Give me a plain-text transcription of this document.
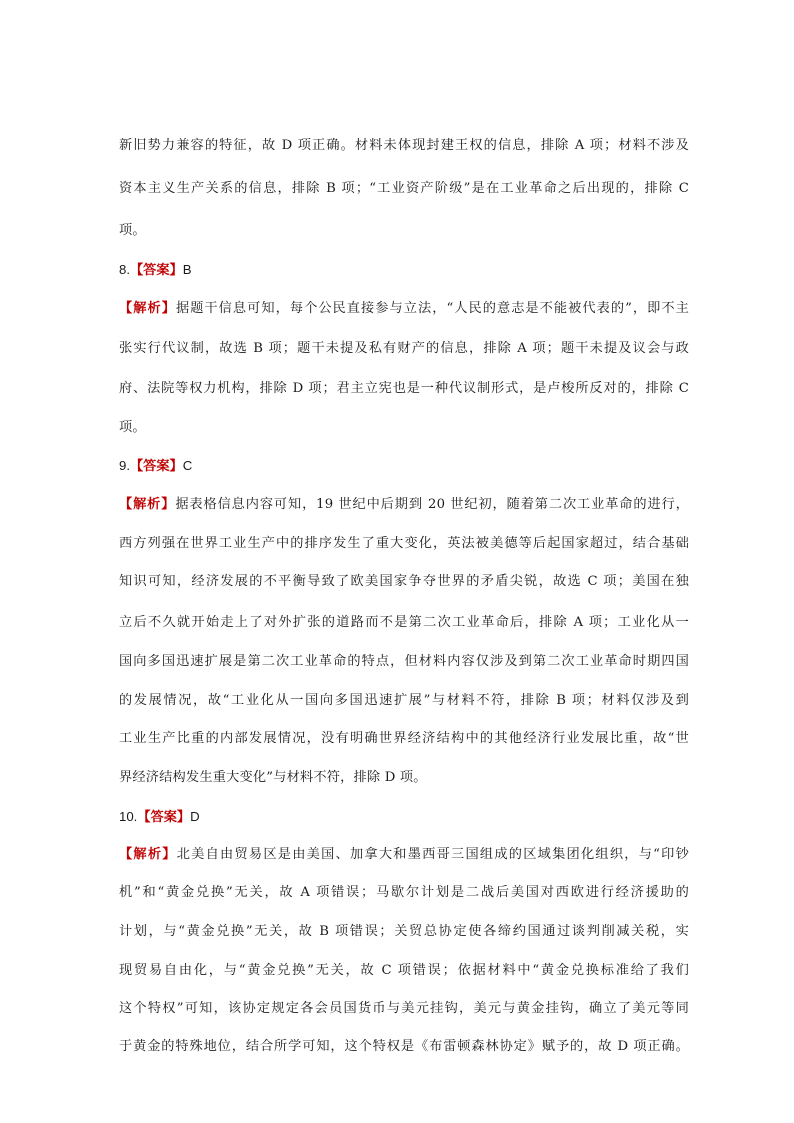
新旧势力兼容的特征，故 D 项正确。材料未体现封建王权的信息，排除 A 项；材料不涉及
资本主义生产关系的信息，排除 B 项；“工业资产阶级”是在工业革命之后出现的，排除 C
项。
8.【答案】B
【解析】据题干信息可知，每个公民直接参与立法，“人民的意志是不能被代表的”，即不主
张实行代议制，故选 B 项；题干未提及私有财产的信息，排除 A 项；题干未提及议会与政
府、法院等权力机构，排除 D 项；君主立宪也是一种代议制形式，是卢梭所反对的，排除 C
项。
9.【答案】C
【解析】据表格信息内容可知，19 世纪中后期到 20 世纪初，随着第二次工业革命的进行，
西方列强在世界工业生产中的排序发生了重大变化，英法被美德等后起国家超过，结合基础
知识可知，经济发展的不平衡导致了欧美国家争夺世界的矛盾尖锐，故选 C 项；美国在独
立后不久就开始走上了对外扩张的道路而不是第二次工业革命后，排除 A 项；工业化从一
国向多国迅速扩展是第二次工业革命的特点，但材料内容仅涉及到第二次工业革命时期四国
的发展情况，故“工业化从一国向多国迅速扩展”与材料不符，排除 B 项；材料仅涉及到
工业生产比重的内部发展情况，没有明确世界经济结构中的其他经济行业发展比重，故“世
界经济结构发生重大变化”与材料不符，排除 D 项。
10.【答案】D
【解析】北美自由贸易区是由美国、加拿大和墨西哥三国组成的区域集团化组织，与“印钞
机”和“黄金兑换”无关，故 A 项错误；马歇尔计划是二战后美国对西欧进行经济援助的
计划，与“黄金兑换”无关，故 B 项错误；关贸总协定使各缔约国通过谈判削减关税，实
现贸易自由化，与“黄金兑换”无关，故 C 项错误；依据材料中“黄金兑换标准给了我们
这个特权”可知，该协定规定各会员国货币与美元挂钩，美元与黄金挂钩，确立了美元等同
于黄金的特殊地位，结合所学可知，这个特权是《布雷顿森林协定》赋予的，故 D 项正确。
